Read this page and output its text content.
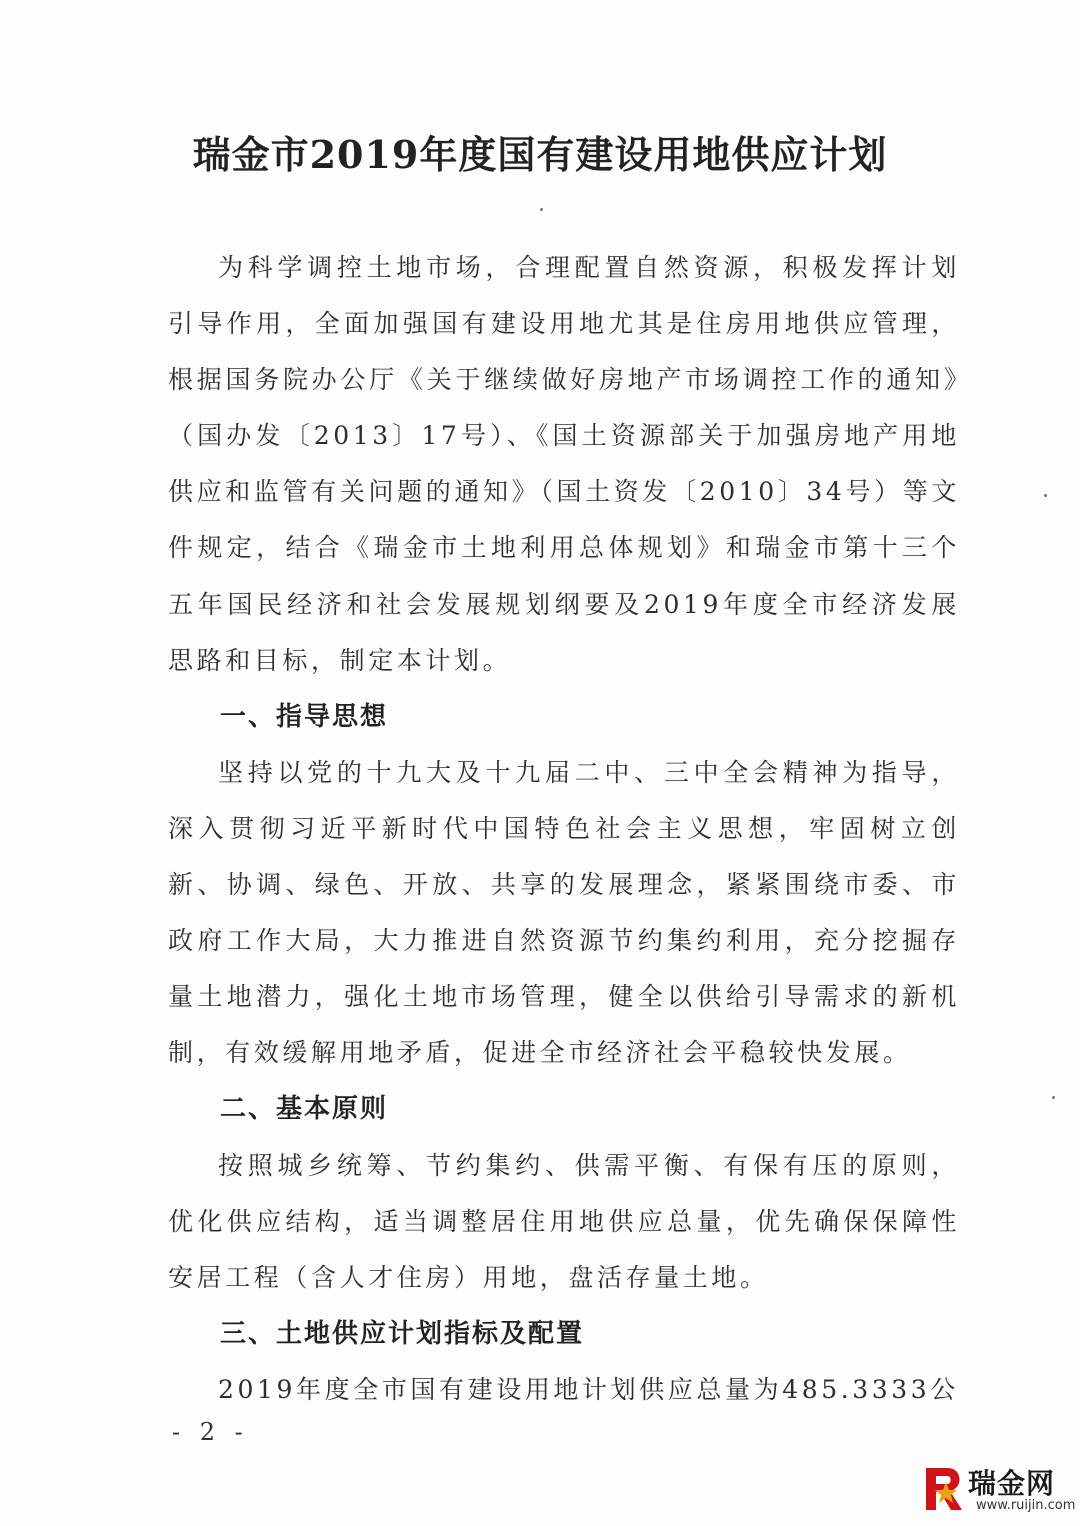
瑞金市2019年度国有建设用地供应计划

为科学调控土地市场，合理配置自然资源，积极发挥计划引导作用，全面加强国有建设用地尤其是住房用地供应管理，根据国务院办公厅《关于继续做好房地产市场调控工作的通知》（国办发〔2013〕17号）、《国土资源部关于加强房地产用地供应和监管有关问题的通知》（国土资发〔2010〕34号）等文件规定，结合《瑞金市土地利用总体规划》和瑞金市第十三个五年国民经济和社会发展规划纲要及2019年度全市经济发展思路和目标，制定本计划。

一、指导思想

坚持以党的十九大及十九届二中、三中全会精神为指导，深入贯彻习近平新时代中国特色社会主义思想，牢固树立创新、协调、绿色、开放、共享的发展理念，紧紧围绕市委、市政府工作大局，大力推进自然资源节约集约利用，充分挖掘存量土地潜力，强化土地市场管理，健全以供给引导需求的新机制，有效缓解用地矛盾，促进全市经济社会平稳较快发展。

二、基本原则

按照城乡统筹、节约集约、供需平衡、有保有压的原则，优化供应结构，适当调整居住用地供应总量，优先确保保障性安居工程（含人才住房）用地，盘活存量土地。

三、土地供应计划指标及配置

2019年度全市国有建设用地计划供应总量为485.3333公

- 2 -
瑞金网
www.ruijin.com
